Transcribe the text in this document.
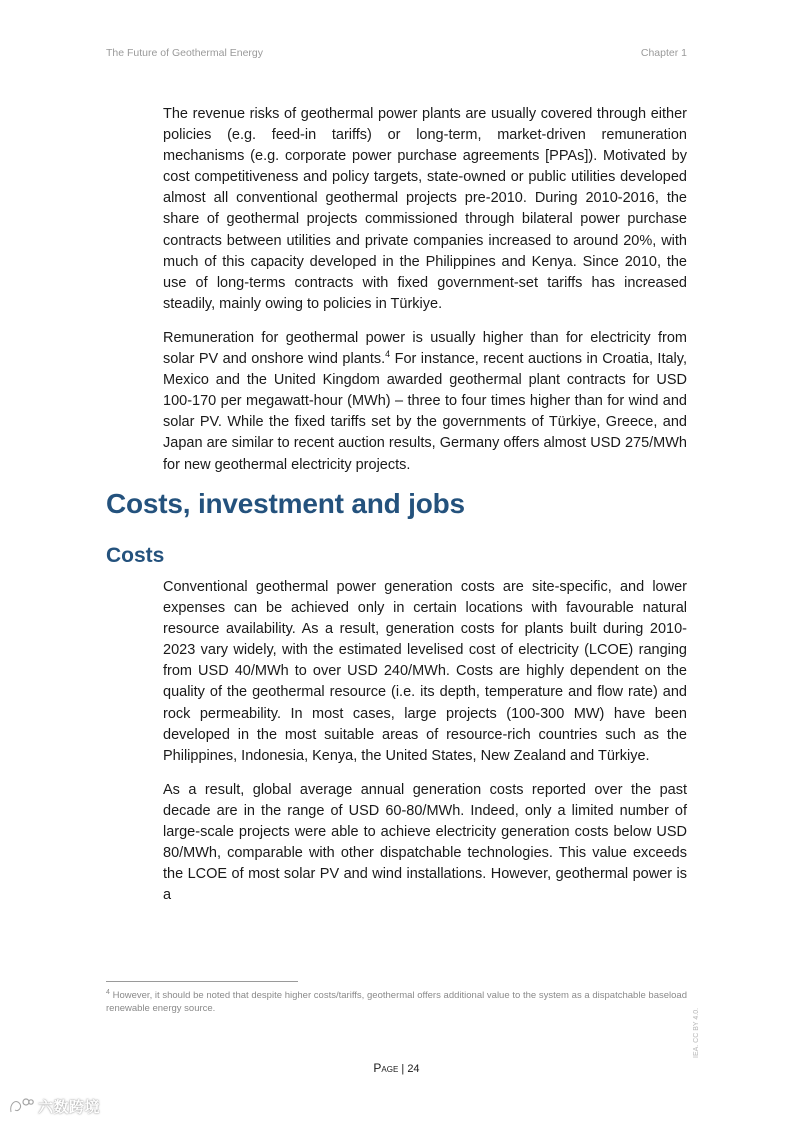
The Future of Geothermal Energy	Chapter 1

The revenue risks of geothermal power plants are usually covered through either policies (e.g. feed-in tariffs) or long-term, market-driven remuneration mechanisms (e.g. corporate power purchase agreements [PPAs]). Motivated by cost competitiveness and policy targets, state-owned or public utilities developed almost all conventional geothermal projects pre-2010. During 2010-2016, the share of geothermal projects commissioned through bilateral power purchase contracts between utilities and private companies increased to around 20%, with much of this capacity developed in the Philippines and Kenya. Since 2010, the use of long-terms contracts with fixed government-set tariffs has increased steadily, mainly owing to policies in Türkiye.

Remuneration for geothermal power is usually higher than for electricity from solar PV and onshore wind plants.$^4$ For instance, recent auctions in Croatia, Italy, Mexico and the United Kingdom awarded geothermal plant contracts for USD 100-170 per megawatt-hour (MWh) – three to four times higher than for wind and solar PV. While the fixed tariffs set by the governments of Türkiye, Greece, and Japan are similar to recent auction results, Germany offers almost USD 275/MWh for new geothermal electricity projects.

Costs, investment and jobs
Costs

Conventional geothermal power generation costs are site-specific, and lower expenses can be achieved only in certain locations with favourable natural resource availability. As a result, generation costs for plants built during 2010-2023 vary widely, with the estimated levelised cost of electricity (LCOE) ranging from USD 40/MWh to over USD 240/MWh. Costs are highly dependent on the quality of the geothermal resource (i.e. its depth, temperature and flow rate) and rock permeability. In most cases, large projects (100-300 MW) have been developed in the most suitable areas of resource-rich countries such as the Philippines, Indonesia, Kenya, the United States, New Zealand and Türkiye.

As a result, global average annual generation costs reported over the past decade are in the range of USD 60-80/MWh. Indeed, only a limited number of large-scale projects were able to achieve electricity generation costs below USD 80/MWh, comparable with other dispatchable technologies. This value exceeds the LCOE of most solar PV and wind installations. However, geothermal power is a

$^4$ However, it should be noted that despite higher costs/tariffs, geothermal offers additional value to the system as a dispatchable baseload renewable energy source.

Page | 24
IEA. CC BY 4.0.
六数跨境
